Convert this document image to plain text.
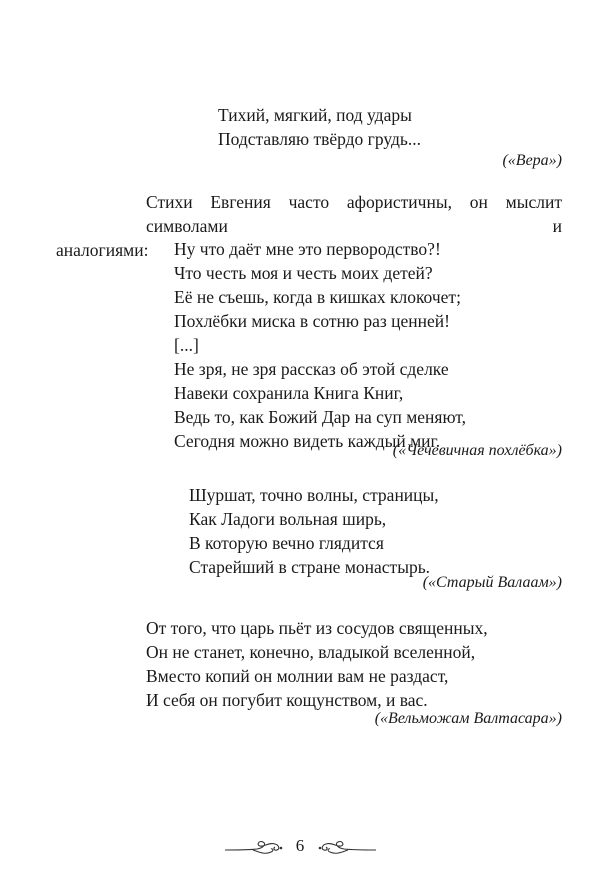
Тихий, мягкий, под удары
Подставляю твёрдо грудь...
(«Вера»)
Стихи Евгения часто афористичны, он мыслит символами и
аналогиями:	Ну что даёт мне это первородство?!
Что честь моя и честь моих детей?
Её не съешь, когда в кишках клокочет;
Похлёбки миска в сотню раз ценней!
[...]
Не зря, не зря рассказ об этой сделке
Навеки сохранила Книга Книг,
Ведь то, как Божий Дар на суп меняют,
Сегодня можно видеть каждый миг.
(«Чечевичная похлёбка»)
Шуршат, точно волны, страницы,
Как Ладоги вольная ширь,
В которую вечно глядится
Старейший в стране монастырь.
(«Старый Валаам»)
От того, что царь пьёт из сосудов священных,
Он не станет, конечно, владыкой вселенной,
Вместо копий он молнии вам не раздаст,
И себя он погубит кощунством, и вас.
(«Вельможам Валтасара»)
6
